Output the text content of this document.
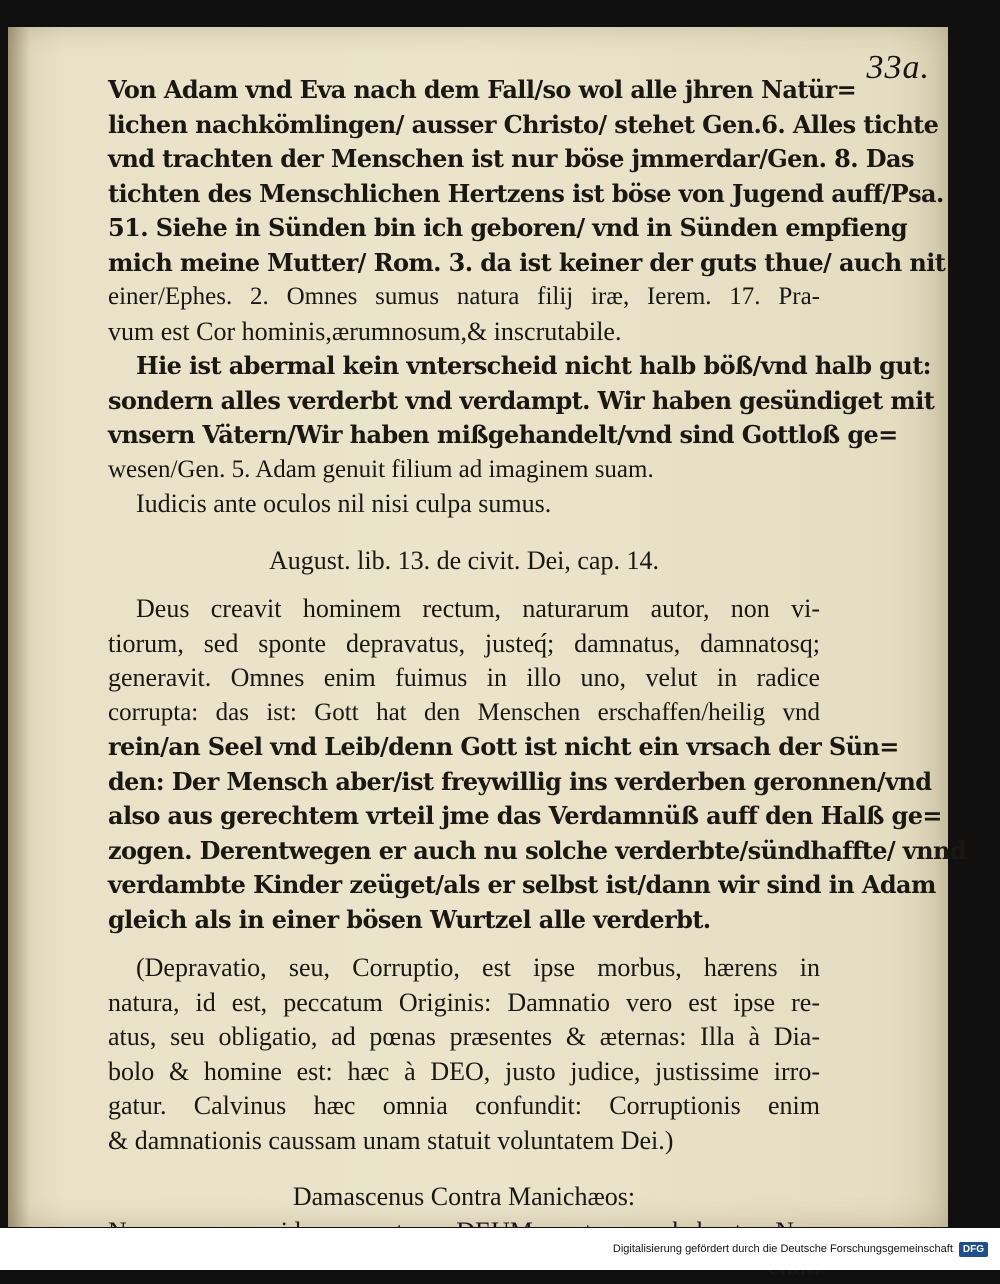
33a.
Von Adam vnd Eva nach dem Fall/so wol alle jhren Natür=
lichen nachkömlingen/ ausser Christo/ stehet Gen.6. Alles tichte
vnd trachten der Menschen ist nur böse jmmerdar/Gen. 8. Das
tichten des Menschlichen Hertzens ist böse von Jugend auff/Psa.
51. Siehe in Sünden bin ich geboren/ vnd in Sünden empfieng
mich meine Mutter/ Rom. 3. da ist keiner der guts thue/ auch nit
einer/Ephes. 2. Omnes sumus natura filij iræ, Ierem. 17. Pra-
vum est Cor hominis,ærumnosum,& inscrutabile.
Hie ist abermal kein vnterscheid nicht halb böß/vnd halb gut:
sondern alles verderbt vnd verdampt. Wir haben gesündiget mit
vnsern Vätern/Wir haben mißgehandelt/vnd sind Gottloß ge=
wesen/Gen. 5. Adam genuit filium ad imaginem suam.
Iudicis ante oculos nil nisi culpa sumus.
August. lib. 13. de civit. Dei, cap. 14.
Deus creavit hominem rectum, naturarum autor, non vi-
tiorum, sed sponte depravatus, justeq́; damnatus, damnatosq;
generavit. Omnes enim fuimus in illo uno, velut in radice
corrupta: das ist: Gott hat den Menschen erschaffen/heilig vnd
rein/an Seel vnd Leib/denn Gott ist nicht ein vrsach der Sün=
den: Der Mensch aber/ist freywillig ins verderben geronnen/vnd
also aus gerechtem vrteil jme das Verdamnüß auff den Halß ge=
zogen. Derentwegen er auch nu solche verderbte/sündhaffte/ vnnd
verdambte Kinder zeüget/als er selbst ist/dann wir sind in Adam
gleich als in einer bösen Wurtzel alle verderbt.
(Depravatio, seu, Corruptio, est ipse morbus, hærens in
natura, id est, peccatum Originis: Damnatio vero est ipse re-
atus, seu obligatio, ad pœnas præsentes & æternas: Illa à Dia-
bolo & homine est: hæc à DEO, justo judice, justissime irro-
gatur. Calvinus hæc omnia confundit: Corruptionis enim
& damnationis caussam unam statuit voluntatem Dei.)
Damascenus Contra Manichæos:
Digitalisierung gefördert durch die Deutsche Forschungsgemeinschaft	DFG
